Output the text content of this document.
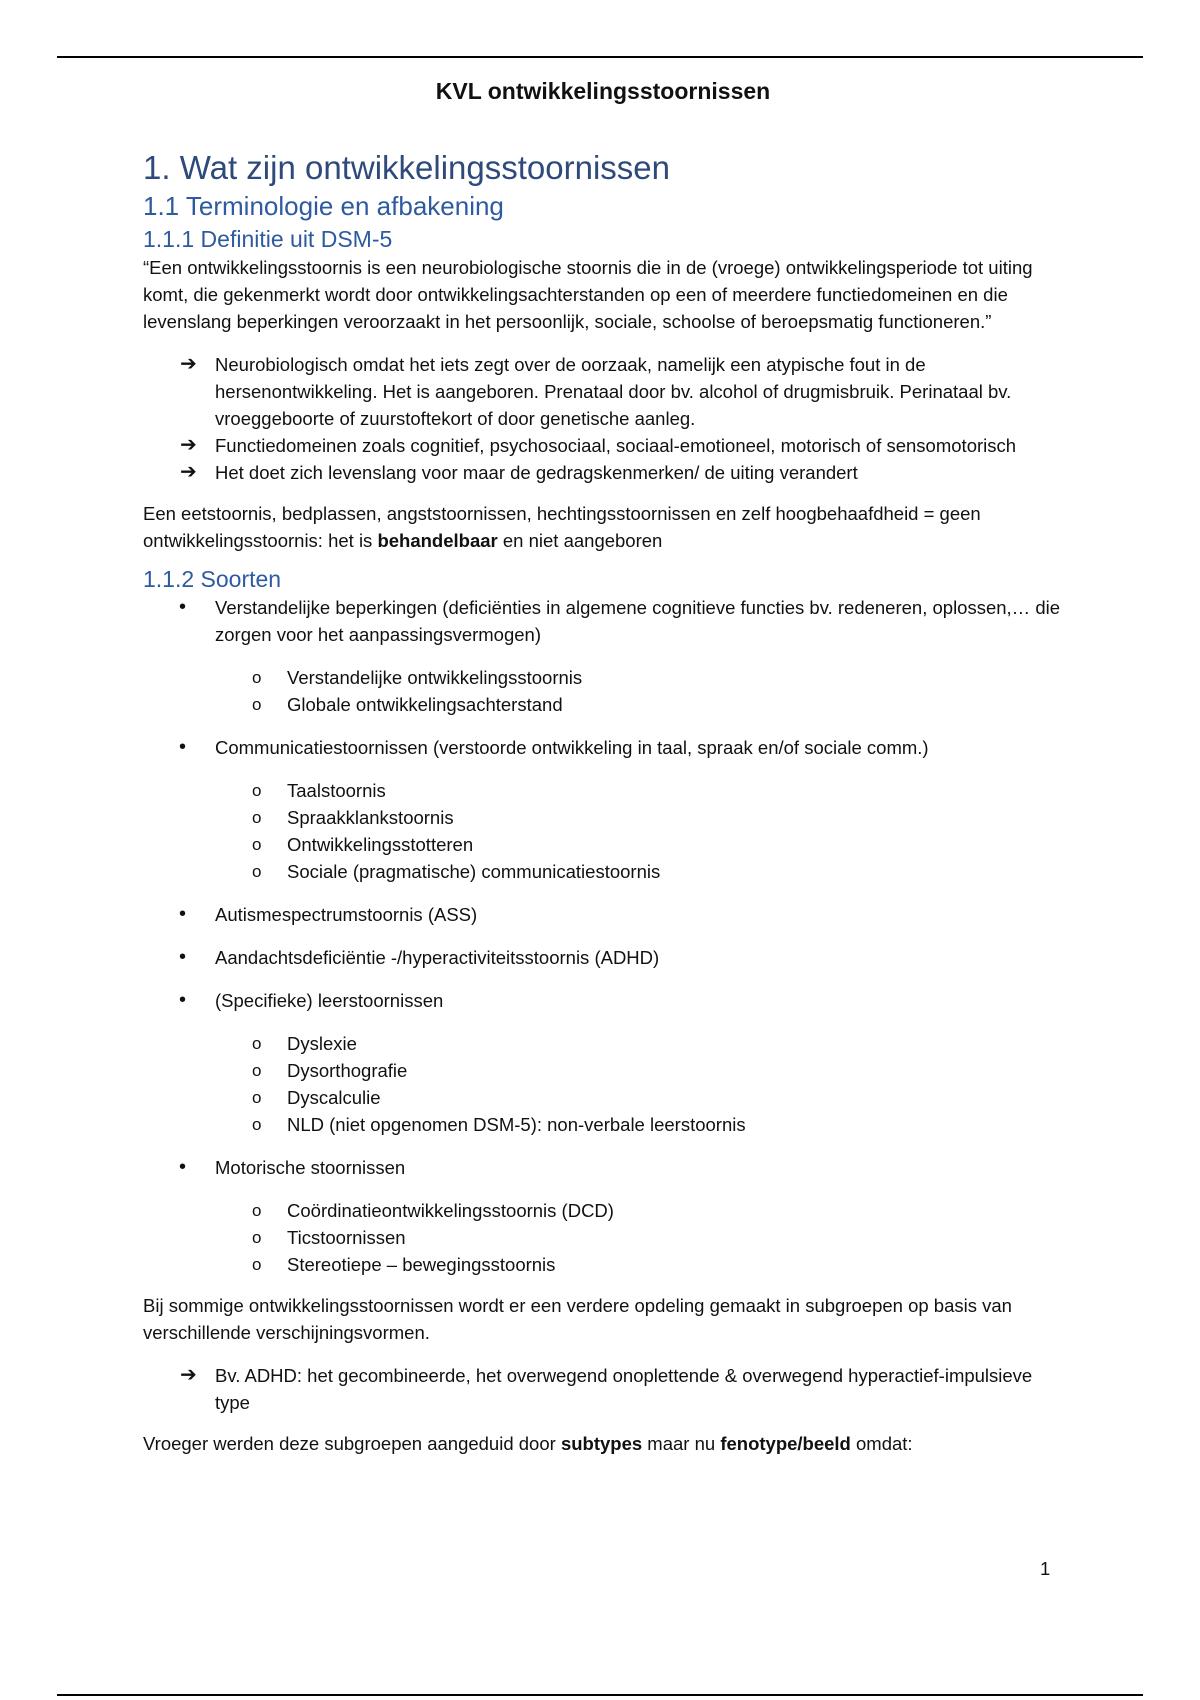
KVL ontwikkelingsstoornissen
1. Wat zijn ontwikkelingsstoornissen
1.1 Terminologie en afbakening
1.1.1 Definitie uit DSM-5

“Een ontwikkelingsstoornis is een neurobiologische stoornis die in de (vroege) ontwikkelingsperiode tot uiting komt, die gekenmerkt wordt door ontwikkelingsachterstanden op een of meerdere functiedomeinen en die levenslang beperkingen veroorzaakt in het persoonlijk, sociale, schoolse of beroepsmatig functioneren.”

➔ Neurobiologisch omdat het iets zegt over de oorzaak, namelijk een atypische fout in de hersenontwikkeling. Het is aangeboren. Prenataal door bv. alcohol of drugmisbruik. Perinataal bv. vroeggeboorte of zuurstoftekort of door genetische aanleg.
➔ Functiedomeinen zoals cognitief, psychosociaal, sociaal-emotioneel, motorisch of sensomotorisch
➔ Het doet zich levenslang voor maar de gedragskenmerken/ de uiting verandert

Een eetstoornis, bedplassen, angststoornissen, hechtingsstoornissen en zelf hoogbehaafdheid = geen ontwikkelingsstoornis: het is behandelbaar en niet aangeboren

1.1.2 Soorten
• Verstandelijke beperkingen (deficiënties in algemene cognitieve functies bv. redeneren, oplossen,… die zorgen voor het aanpassingsvermogen)
o Verstandelijke ontwikkelingsstoornis
o Globale ontwikkelingsachterstand
• Communicatiestoornissen (verstoorde ontwikkeling in taal, spraak en/of sociale comm.)
o Taalstoornis
o Spraakklankstoornis
o Ontwikkelingsstotteren
o Sociale (pragmatische) communicatiestoornis
• Autismespectrumstoornis (ASS)
• Aandachtsdeficiëntie -/hyperactiviteitsstoornis (ADHD)
• (Specifieke) leerstoornissen
o Dyslexie
o Dysorthografie
o Dyscalculie
o NLD (niet opgenomen DSM-5): non-verbale leerstoornis
• Motorische stoornissen
o Coördinatieontwikkelingsstoornis (DCD)
o Ticstoornissen
o Stereotiepe – bewegingsstoornis

Bij sommige ontwikkelingsstoornissen wordt er een verdere opdeling gemaakt in subgroepen op basis van verschillende verschijningsvormen.

➔ Bv. ADHD: het gecombineerde, het overwegend onoplettende & overwegend hyperactief-impulsieve type

Vroeger werden deze subgroepen aangeduid door subtypes maar nu fenotype/beeld omdat:

1
